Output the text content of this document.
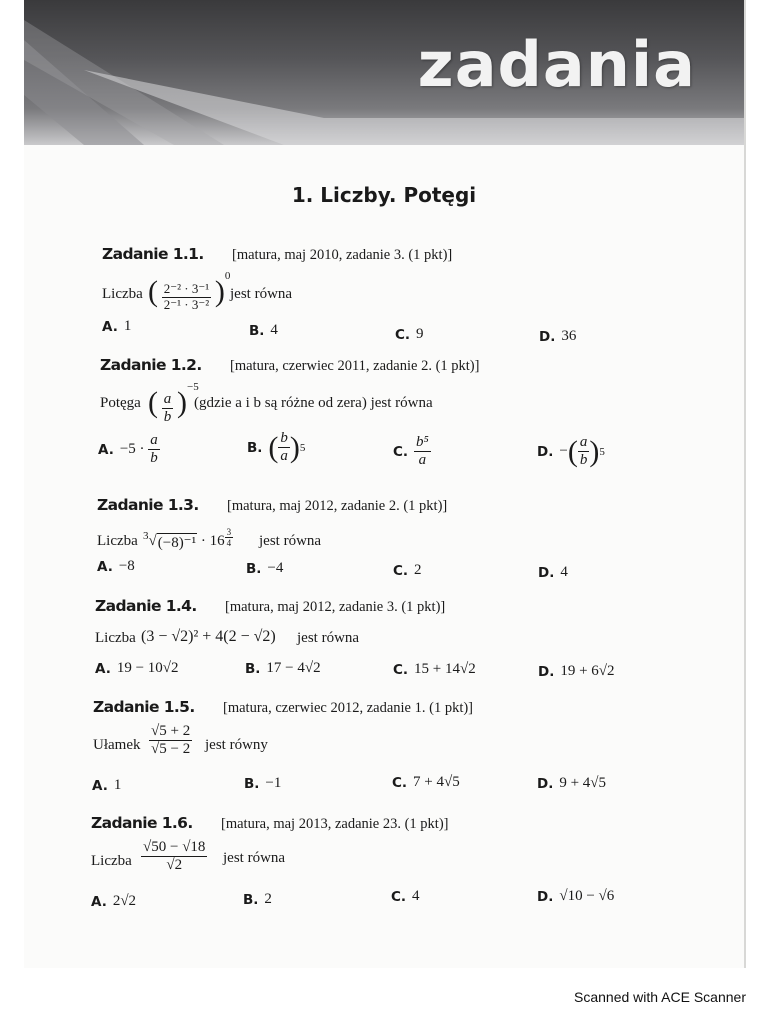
zadania
1. Liczby. Potęgi
Zadanie 1.1.	[matura, maj 2010, zadanie 3. (1 pkt)]
Liczba ( $\frac{\text{2⁻² · 3⁻¹}}{\text{2⁻¹ · 3⁻²}} )^0$
jest równa
A. 1	B. 4	C. 9	D. 36
Zadanie 1.2.	[matura, czerwiec 2011, zadanie 2. (1 pkt)]
Potęga ( $\frac{a}{b} )^{-5}$
(gdzie a i b są różne od zera) jest równa
A. −5 ·
$\frac{a}{b}$	B. ( $\frac{b}{a}$ ) 5	C. $\frac{\text{b⁵}}{a}$	D. − ( $\frac{a}{b}$ ) 5
Zadanie 1.3.	[matura, maj 2012, zadanie 2. (1 pkt)]
Liczba $^3$√ $(-8)^{-1} \cdot 16 \frac{3}{4}$ jest równa
A. −8	B. −4	C. 2	D. 4
Zadanie 1.4.	[matura, maj 2012, zadanie 3. (1 pkt)]
Liczba (3 − √2)² + 4(2 − √2) jest równa
A. 19 − 10√2	B. 17 − 4√2	C. 15 + 14√2	D. 19 + 6√2
Zadanie 1.5.	[matura, czerwiec 2012, zadanie 1. (1 pkt)]
Ułamek $\frac{√5 + 2}{√5 - 2}$ jest równy
A. 1	B. −1	C. 7 + 4√5	D. 9 + 4√5
Zadanie 1.6.	[matura, maj 2013, zadanie 23. (1 pkt)]
Liczba $\frac{√50 - √18}{√2}$ jest równa
A. 2√2	B. 2	C. 4	D. √10 − √6
Scanned with ACE Scanner
